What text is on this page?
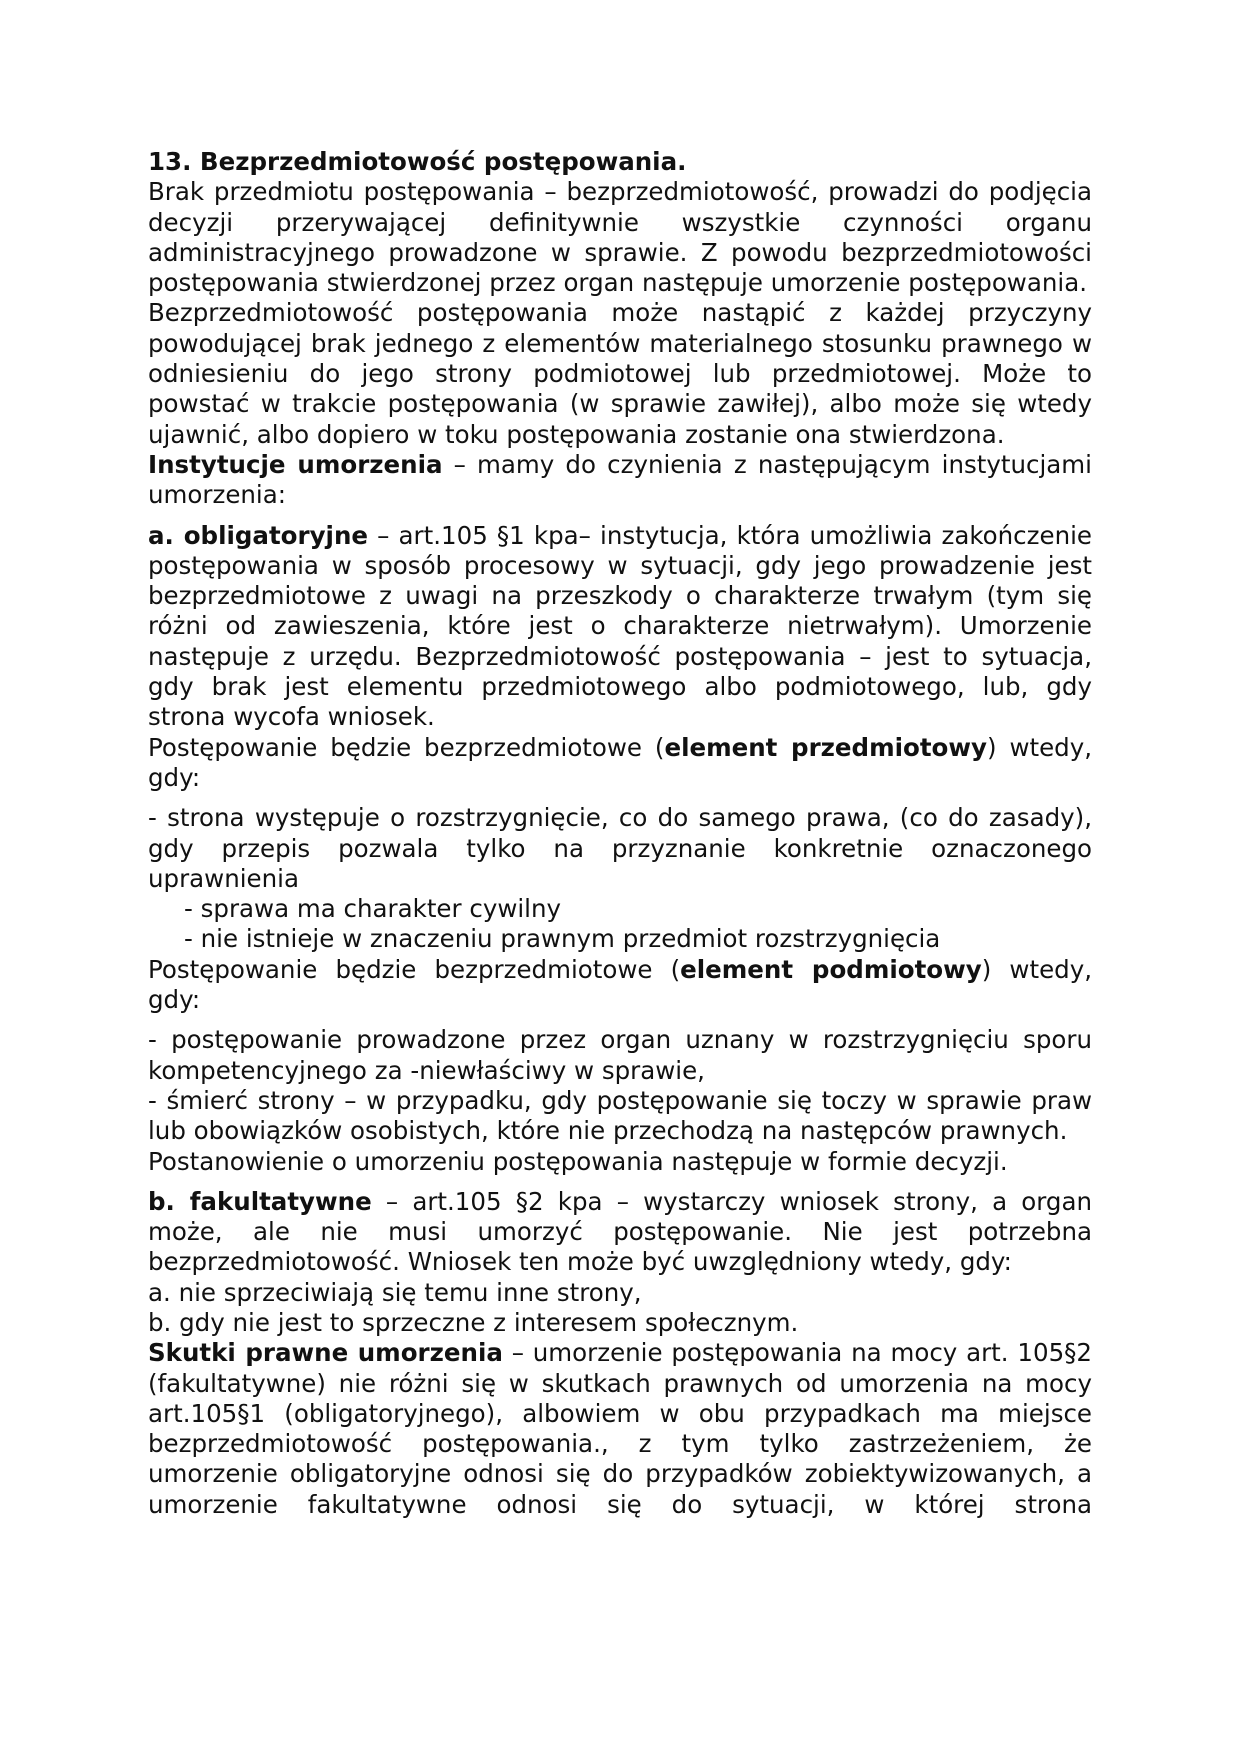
13. Bezprzedmiotowość postępowania.

Brak przedmiotu postępowania – bezprzedmiotowość, prowadzi do podjęcia decyzji przerywającej definitywnie wszystkie czynności organu administracyjnego prowadzone w sprawie. Z powodu bezprzedmiotowości postępowania stwierdzonej przez organ następuje umorzenie postępowania.

Bezprzedmiotowość postępowania może nastąpić z każdej przyczyny powodującej brak jednego z elementów materialnego stosunku prawnego w odniesieniu do jego strony podmiotowej lub przedmiotowej. Może to powstać w trakcie postępowania (w sprawie zawiłej), albo może się wtedy ujawnić, albo dopiero w toku postępowania zostanie ona stwierdzona.

Instytucje umorzenia – mamy do czynienia z następującym instytucjami umorzenia:

a. obligatoryjne – art.105 §1 kpa– instytucja, która umożliwia zakończenie postępowania w sposób procesowy w sytuacji, gdy jego prowadzenie jest bezprzedmiotowe z uwagi na przeszkody o charakterze trwałym (tym się różni od zawieszenia, które jest o charakterze nietrwałym). Umorzenie następuje z urzędu. Bezprzedmiotowość postępowania – jest to sytuacja, gdy brak jest elementu przedmiotowego albo podmiotowego, lub, gdy strona wycofa wniosek.

Postępowanie będzie bezprzedmiotowe (element przedmiotowy) wtedy, gdy:

- strona występuje o rozstrzygnięcie, co do samego prawa, (co do zasady), gdy przepis pozwala tylko na przyznanie konkretnie oznaczonego uprawnienia

- sprawa ma charakter cywilny

- nie istnieje w znaczeniu prawnym przedmiot rozstrzygnięcia

Postępowanie będzie bezprzedmiotowe (element podmiotowy) wtedy, gdy:

- postępowanie prowadzone przez organ uznany w rozstrzygnięciu sporu kompetencyjnego za -niewłaściwy w sprawie,

- śmierć strony – w przypadku, gdy postępowanie się toczy w sprawie praw lub obowiązków osobistych, które nie przechodzą na następców prawnych.

Postanowienie o umorzeniu postępowania następuje w formie decyzji.

b. fakultatywne – art.105 §2 kpa – wystarczy wniosek strony, a organ może, ale nie musi umorzyć postępowanie. Nie jest potrzebna bezprzedmiotowość. Wniosek ten może być uwzględniony wtedy, gdy:

a. nie sprzeciwiają się temu inne strony,

b. gdy nie jest to sprzeczne z interesem społecznym.

Skutki prawne umorzenia – umorzenie postępowania na mocy art. 105§2 (fakultatywne) nie różni się w skutkach prawnych od umorzenia na mocy art.105§1 (obligatoryjnego), albowiem w obu przypadkach ma miejsce bezprzedmiotowość postępowania., z tym tylko zastrzeżeniem, że umorzenie obligatoryjne odnosi się do przypadków zobiektywizowanych, a umorzenie fakultatywne odnosi się do sytuacji, w której strona
